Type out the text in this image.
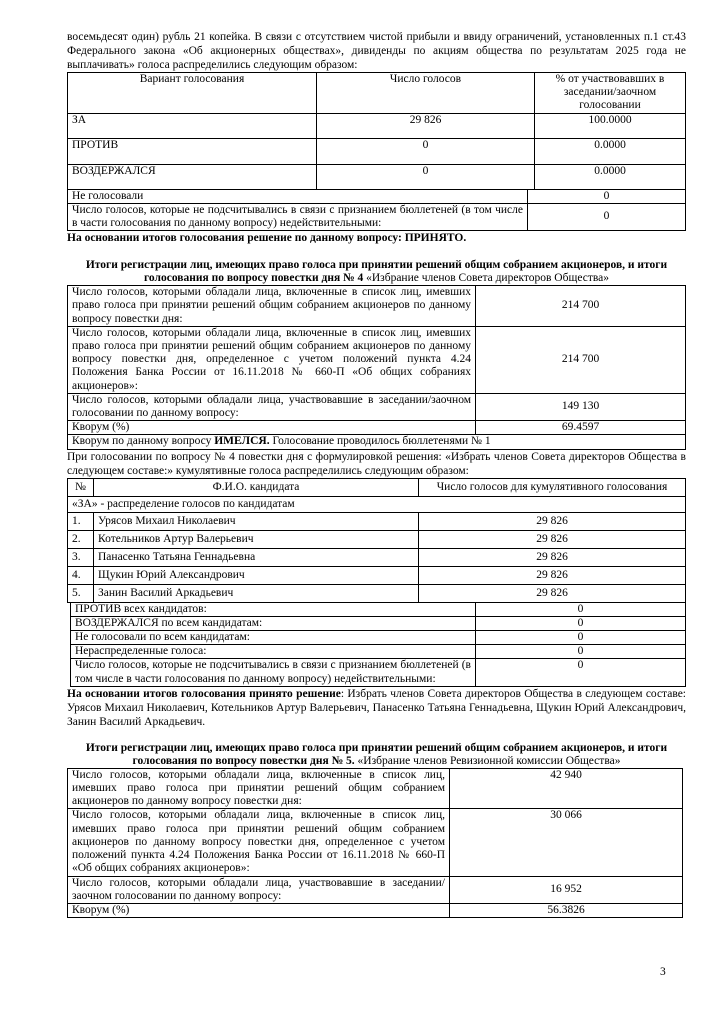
восемьдесят один) рубль 21 копейка. В связи с отсутствием чистой прибыли и ввиду ограничений, установленных п.1 ст.43 Федерального закона «Об акционерных обществах», дивиденды по акциям общества по результатам 2025 года не выплачивать» голоса распределились следующим образом:

Вариант голосования	Число голосов	% от участвовавших в заседании/заочном голосовании
ЗА	29 826	100.0000
ПРОТИВ	0	0.0000
ВОЗДЕРЖАЛСЯ	0	0.0000
Не голосовали	0
Число голосов, которые не подсчитывались в связи с признанием бюллетеней (в том числе в части голосования по данному вопросу) недействительными:	0

На основании итогов голосования решение по данному вопросу: ПРИНЯТО.

Итоги регистрации лиц, имеющих право голоса при принятии решений общим собранием акционеров, и итоги голосования по вопросу повестки дня № 4 «Избрание членов Совета директоров Общества»

Число голосов, которыми обладали лица, включенные в список лиц, имевших право голоса при принятии решений общим собранием акционеров по данному вопросу повестки дня:	214 700
Число голосов, которыми обладали лица, включенные в список лиц, имевших право голоса при принятии решений общим собранием акционеров по данному вопросу повестки дня, определенное с учетом положений пункта 4.24 Положения Банка России от 16.11.2018 № 660-П «Об общих собраниях акционеров»:	214 700
Число голосов, которыми обладали лица, участвовавшие в заседании/заочном голосовании по данному вопросу:	149 130
Кворум (%)	69.4597
Кворум по данному вопросу ИМЕЛСЯ. Голосование проводилось бюллетенями № 1	

При голосовании по вопросу № 4 повестки дня с формулировкой решения: «Избрать членов Совета директоров Общества в следующем составе:» кумулятивные голоса распределились следующим образом:

№	Ф.И.О. кандидата	Число голосов для кумулятивного голосования
«ЗА» - распределение голосов по кандидатам		
1.	Урясов Михаил Николаевич	29 826
2.	Котельников Артур Валерьевич	29 826
3.	Панасенко Татьяна Геннадьевна	29 826
4.	Щукин Юрий Александрович	29 826
5.	Занин Василий Аркадьевич	29 826
ПРОТИВ всех кандидатов:	0
ВОЗДЕРЖАЛСЯ по всем кандидатам:	0
Не голосовали по всем кандидатам:	0
Нераспределенные голоса:	0
Число голосов, которые не подсчитывались в связи с признанием бюллетеней (в том числе в части голосования по данному вопросу) недействительными:	0

На основании итогов голосования принято решение: Избрать членов Совета директоров Общества в следующем составе: Урясов Михаил Николаевич, Котельников Артур Валерьевич, Панасенко Татьяна Геннадьевна, Щукин Юрий Александрович, Занин Василий Аркадьевич.

Итоги регистрации лиц, имеющих право голоса при принятии решений общим собранием акционеров, и итоги голосования по вопросу повестки дня № 5. «Избрание членов Ревизионной комиссии Общества»

Число голосов, которыми обладали лица, включенные в список лиц, имевших право голоса при принятии решений общим собранием акционеров по данному вопросу повестки дня:	42 940
Число голосов, которыми обладали лица, включенные в список лиц, имевших право голоса при принятии решений общим собранием акционеров по данному вопросу повестки дня, определенное с учетом положений пункта 4.24 Положения Банка России от 16.11.2018 № 660-П «Об общих собраниях акционеров»:	30 066
Число голосов, которыми обладали лица, участвовавшие в заседании/заочном голосовании по данному вопросу:	16 952
Кворум (%)	56.3826
3
